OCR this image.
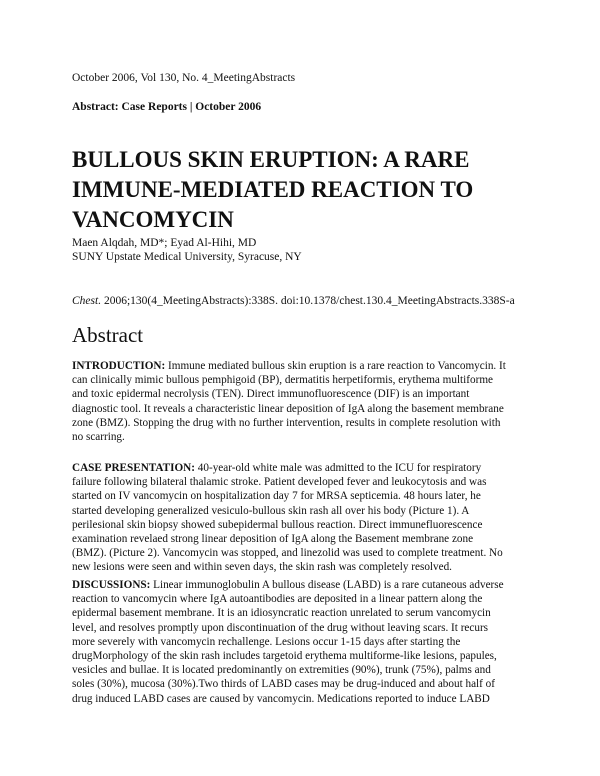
October 2006, Vol 130, No. 4_MeetingAbstracts
Abstract: Case Reports | October 2006
BULLOUS SKIN ERUPTION: A RARE
IMMUNE-MEDIATED REACTION TO
VANCOMYCIN
Maen Alqdah, MD*; Eyad Al-Hihi, MD
SUNY Upstate Medical University, Syracuse, NY
Chest. 2006;130(4_MeetingAbstracts):338S. doi:10.1378/chest.130.4_MeetingAbstracts.338S-a
Abstract
INTRODUCTION: Immune mediated bullous skin eruption is a rare reaction to Vancomycin. It
can clinically mimic bullous pemphigoid (BP), dermatitis herpetiformis, erythema multiforme
and toxic epidermal necrolysis (TEN). Direct immunofluorescence (DIF) is an important
diagnostic tool. It reveals a characteristic linear deposition of IgA along the basement membrane
zone (BMZ). Stopping the drug with no further intervention, results in complete resolution with
no scarring.
CASE PRESENTATION: 40-year-old white male was admitted to the ICU for respiratory
failure following bilateral thalamic stroke. Patient developed fever and leukocytosis and was
started on IV vancomycin on hospitalization day 7 for MRSA septicemia. 48 hours later, he
started developing generalized vesiculo-bullous skin rash all over his body (Picture 1). A
perilesional skin biopsy showed subepidermal bullous reaction. Direct immunefluorescence
examination revelaed strong linear deposition of IgA along the Basement membrane zone
(BMZ). (Picture 2). Vancomycin was stopped, and linezolid was used to complete treatment. No
new lesions were seen and within seven days, the skin rash was completely resolved.
DISCUSSIONS: Linear immunoglobulin A bullous disease (LABD) is a rare cutaneous adverse
reaction to vancomycin where IgA autoantibodies are deposited in a linear pattern along the
epidermal basement membrane. It is an idiosyncratic reaction unrelated to serum vancomycin
level, and resolves promptly upon discontinuation of the drug without leaving scars. It recurs
more severely with vancomycin rechallenge. Lesions occur 1-15 days after starting the
drugMorphology of the skin rash includes targetoid erythema multiforme-like lesions, papules,
vesicles and bullae. It is located predominantly on extremities (90%), trunk (75%), palms and
soles (30%), mucosa (30%).Two thirds of LABD cases may be drug-induced and about half of
drug induced LABD cases are caused by vancomycin. Medications reported to induce LABD
